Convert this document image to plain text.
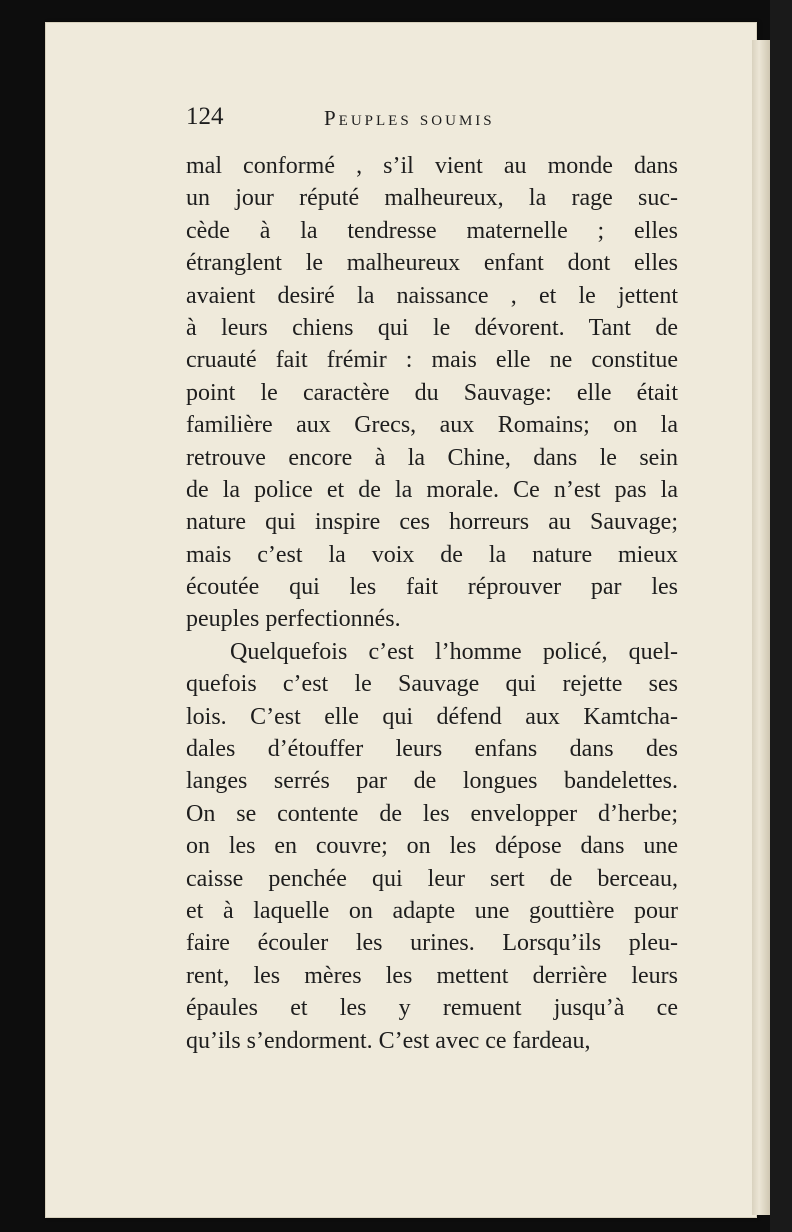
124	Peuples soumis
mal conformé , s’il vient au monde dans
un jour réputé malheureux, la rage suc-
cède à la tendresse maternelle ; elles
étranglent le malheureux enfant dont elles
avaient desiré la naissance , et le jettent
à leurs chiens qui le dévorent. Tant de
cruauté fait frémir : mais elle ne constitue
point le caractère du Sauvage: elle était
familière aux Grecs, aux Romains; on la
retrouve encore à la Chine, dans le sein
de la police et de la morale. Ce n’est pas la
nature qui inspire ces horreurs au Sauvage;
mais c’est la voix de la nature mieux
écoutée qui les fait réprouver par les
peuples perfectionnés.
Quelquefois c’est l’homme policé, quel-
quefois c’est le Sauvage qui rejette ses
lois. C’est elle qui défend aux Kamtcha-
dales d’étouffer leurs enfans dans des
langes serrés par de longues bandelettes.
On se contente de les envelopper d’herbe;
on les en couvre; on les dépose dans une
caisse penchée qui leur sert de berceau,
et à laquelle on adapte une gouttière pour
faire écouler les urines. Lorsqu’ils pleu-
rent, les mères les mettent derrière leurs
épaules et les y remuent jusqu’à ce
qu’ils s’endorment. C’est avec ce fardeau,
